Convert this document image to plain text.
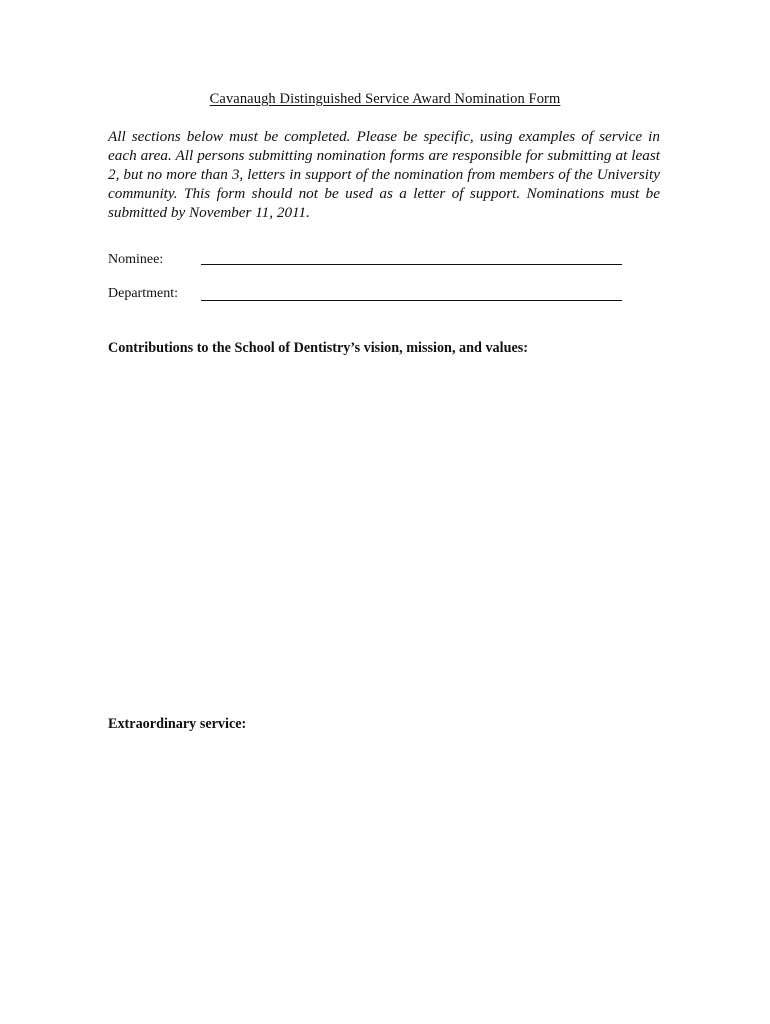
Cavanaugh Distinguished Service Award Nomination Form

All sections below must be completed. Please be specific, using examples of service in each area. All persons submitting nomination forms are responsible for submitting at least 2, but no more than 3, letters in support of the nomination from members of the University community. This form should not be used as a letter of support. Nominations must be submitted by November 11, 2011.

Nominee:
Department:
Contributions to the School of Dentistry’s vision, mission, and values:
Extraordinary service:
